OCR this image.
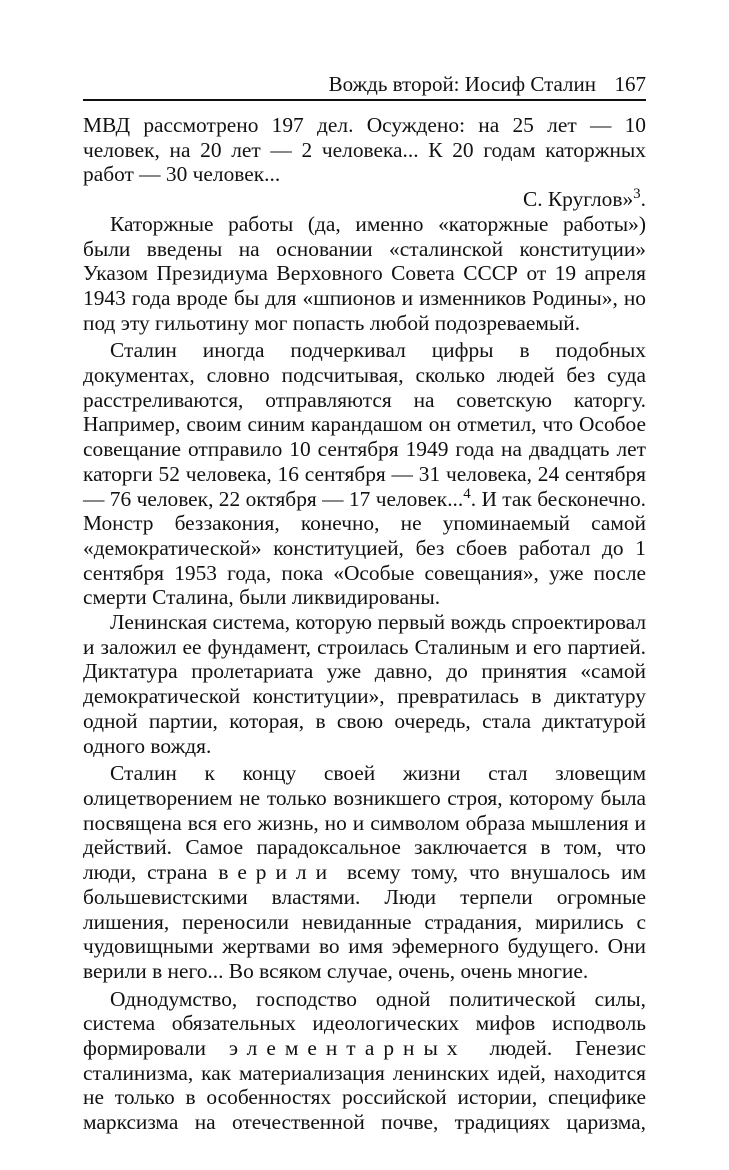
Вождь второй: Иосиф Сталин 167

МВД рассмотрено 197 дел. Осуждено: на 25 лет — 10 человек, на 20 лет — 2 человека... К 20 годам каторжных работ — 30 человек...

С. Круглов»$^3$.

Каторжные работы (да, именно «каторжные работы») были введены на основании «сталинской конституции» Указом Президиума Верховного Совета СССР от 19 апреля 1943 года вроде бы для «шпионов и изменников Родины», но под эту гильотину мог попасть любой подозреваемый.

Сталин иногда подчеркивал цифры в подобных документах, словно подсчитывая, сколько людей без суда расстреливаются, отправляются на советскую каторгу. Например, своим синим карандашом он отметил, что Особое совещание отправило 10 сентября 1949 года на двадцать лет каторги 52 человека, 16 сентября — 31 человека, 24 сентября — 76 человек, 22 октября — 17 человек...$^4$. И так бесконечно. Монстр беззакония, конечно, не упоминаемый самой «демократической» конституцией, без сбоев работал до 1 сентября 1953 года, пока «Особые совещания», уже после смерти Сталина, были ликвидированы.

Ленинская система, которую первый вождь спроектировал и заложил ее фундамент, строилась Сталиным и его партией. Диктатура пролетариата уже давно, до принятия «самой демократической конституции», превратилась в диктатуру одной партии, которая, в свою очередь, стала диктатурой одного вождя.

Сталин к концу своей жизни стал зловещим олицетворением не только возникшего строя, которому была посвящена вся его жизнь, но и символом образа мышления и действий. Самое парадоксальное заключается в том, что люди, страна верили всему тому, что внушалось им большевистскими властями. Люди терпели огромные лишения, переносили невиданные страдания, мирились с чудовищными жертвами во имя эфемерного будущего. Они верили в него... Во всяком случае, очень, очень многие.

Однодумство, господство одной политической силы, система обязательных идеологических мифов исподволь формировали элементарных людей. Генезис сталинизма, как материализация ленинских идей, находится не только в особенностях российской истории, специфике марксизма на отечественной почве, традициях царизма,
